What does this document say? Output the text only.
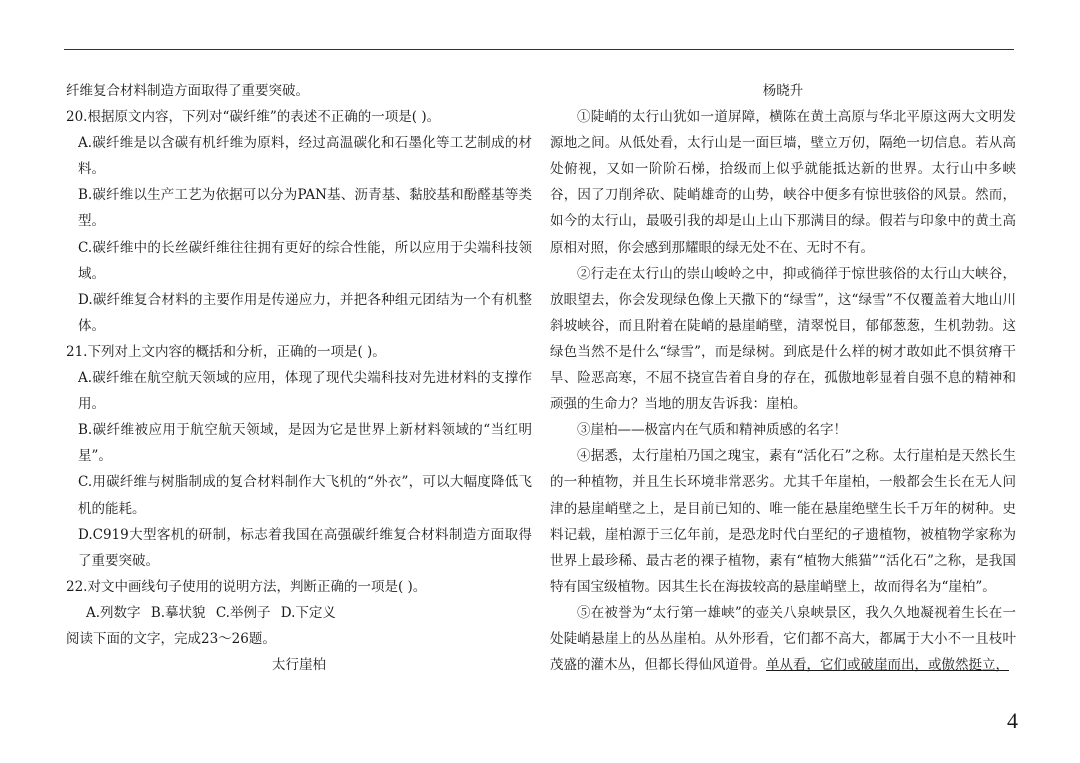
纤维复合材料制造方面取得了重要突破。

20.根据原文内容，下列对“碳纤维”的表述不正确的一项是( )。

A.碳纤维是以含碳有机纤维为原料，经过高温碳化和石墨化等工艺制成的材料。

B.碳纤维以生产工艺为依据可以分为PAN基、沥青基、黏胶基和酚醛基等类型。

C.碳纤维中的长丝碳纤维往往拥有更好的综合性能，所以应用于尖端科技领域。

D.碳纤维复合材料的主要作用是传递应力，并把各种组元团结为一个有机整体。

21.下列对上文内容的概括和分析，正确的一项是( )。

A.碳纤维在航空航天领域的应用，体现了现代尖端科技对先进材料的支撑作用。

B.碳纤维被应用于航空航天领域，是因为它是世界上新材料领域的“当红明星”。

C.用碳纤维与树脂制成的复合材料制作大飞机的“外衣”，可以大幅度降低飞机的能耗。

D.C919大型客机的研制，标志着我国在高强碳纤维复合材料制造方面取得了重要突破。

22.对文中画线句子使用的说明方法，判断正确的一项是( )。

A.列数字 B.摹状貌 C.举例子 D.下定义

阅读下面的文字，完成23～26题。

太行崖柏

杨晓升

①陡峭的太行山犹如一道屏障，横陈在黄土高原与华北平原这两大文明发源地之间。从低处看，太行山是一面巨墙，壁立万仞，隔绝一切信息。若从高处俯视，又如一阶阶石梯，拾级而上似乎就能抵达新的世界。太行山中多峡谷，因了刀削斧砍、陡峭雄奇的山势，峡谷中便多有惊世骇俗的风景。然而，如今的太行山，最吸引我的却是山上山下那满目的绿。假若与印象中的黄土高原相对照，你会感到那耀眼的绿无处不在、无时不有。

②行走在太行山的崇山峻岭之中，抑或徜徉于惊世骇俗的太行山大峡谷，放眼望去，你会发现绿色像上天撒下的“绿雪”，这“绿雪”不仅覆盖着大地山川斜坡峡谷，而且附着在陡峭的悬崖峭壁，清翠悦目，郁郁葱葱，生机勃勃。这绿色当然不是什么“绿雪”，而是绿树。到底是什么样的树才敢如此不惧贫瘠干旱、险恶高寒，不屈不挠宣告着自身的存在，孤傲地彰显着自强不息的精神和顽强的生命力？当地的朋友告诉我：崖柏。

③崖柏——极富内在气质和精神质感的名字！

④据悉，太行崖柏乃国之瑰宝，素有“活化石”之称。太行崖柏是天然长生的一种植物，并且生长环境非常恶劣。尤其千年崖柏，一般都会生长在无人问津的悬崖峭壁之上，是目前已知的、唯一能在悬崖绝壁生长千万年的树种。史料记载，崖柏源于三亿年前，是恐龙时代白垩纪的孑遗植物，被植物学家称为世界上最珍稀、最古老的裸子植物，素有“植物大熊猫”“活化石”之称，是我国特有国宝级植物。因其生长在海拔较高的悬崖峭壁上，故而得名为“崖柏”。

⑤在被誉为“太行第一雄峡”的壶关八泉峡景区，我久久地凝视着生长在一处陡峭悬崖上的丛丛崖柏。从外形看，它们都不高大，都属于大小不一且枝叶茂盛的灌木丛，但都长得仙风道骨。单从看，它们或破崖而出，或傲然挺立，

4
